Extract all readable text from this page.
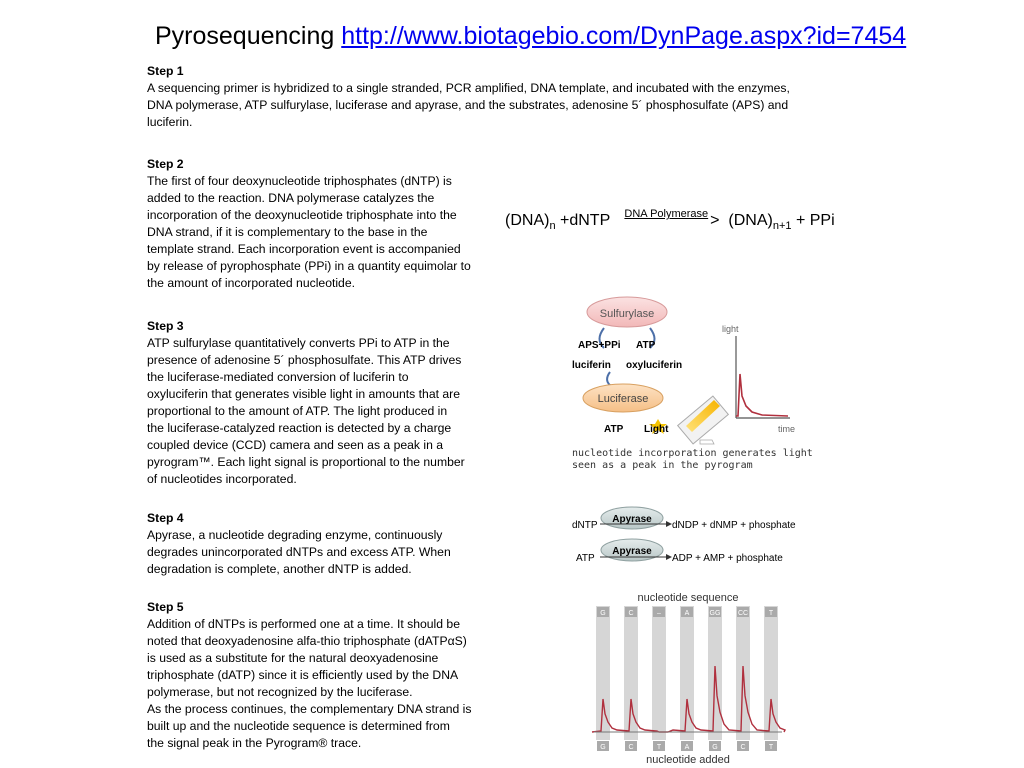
Pyrosequencing http://www.biotagebio.com/DynPage.aspx?id=7454
Step 1
A sequencing primer is hybridized to a single stranded, PCR amplified, DNA template, and incubated with the enzymes,
DNA polymerase, ATP sulfurylase, luciferase and apyrase, and the substrates, adenosine 5´ phosphosulfate (APS) and
luciferin.
Step 2
The first of four deoxynucleotide triphosphates (dNTP) is
added to the reaction. DNA polymerase catalyzes the
incorporation of the deoxynucleotide triphosphate into the
DNA strand, if it is complementary to the base in the
template strand. Each incorporation event is accompanied
by release of pyrophosphate (PPi) in a quantity equimolar to
the amount of incorporated nucleotide.
Step 3
ATP sulfurylase quantitatively converts PPi to ATP in the
presence of adenosine 5´ phosphosulfate. This ATP drives
the luciferase-mediated conversion of luciferin to
oxyluciferin that generates visible light in amounts that are
proportional to the amount of ATP. The light produced in
the luciferase-catalyzed reaction is detected by a charge
coupled device (CCD) camera and seen as a peak in a
pyrogram™. Each light signal is proportional to the number
of nucleotides incorporated.
Step 4
Apyrase, a nucleotide degrading enzyme, continuously
degrades unincorporated dNTPs and excess ATP. When
degradation is complete, another dNTP is added.
Step 5
Addition of dNTPs is performed one at a time. It should be
noted that deoxyadenosine alfa-thio triphosphate (dATPαS)
is used as a substitute for the natural deoxyadenosine
triphosphate (dATP) since it is efficiently used by the DNA
polymerase, but not recognized by the luciferase.
As the process continues, the complementary DNA strand is
built up and the nucleotide sequence is determined from
the signal peak in the Pyrogram® trace.
$(DNA)_n$ +dNTP $^{DNA Polymerase} > (DNA)_{n+1}$ + PPi
Sulfurylase
APS+PPi ATP
luciferin oxyluciferin
Luciferase
ATP Light
light
time
nucleotide incorporation generates light
seen as a peak in the pyrogram
Apyrase
dNTP	dNDP + dNMP + phosphate
Apyrase
ATP	ADP + AMP + phosphate
nucleotide sequence
G
G
C
C
–
T
A
A
GG
G
CC
C
T
T
nucleotide added
